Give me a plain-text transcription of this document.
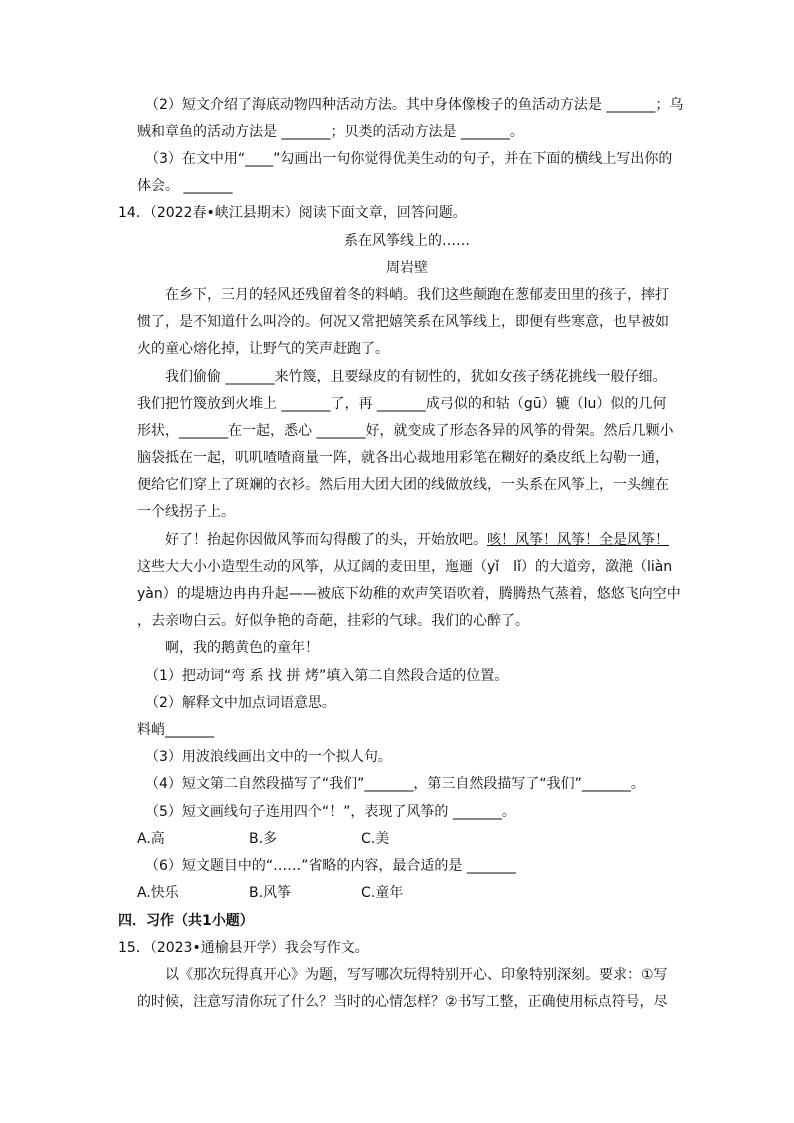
（2）短文介绍了海底动物四种活动方法。其中身体像梭子的鱼活动方法是 _______；乌
贼和章鱼的活动方法是 _______；贝类的活动方法是 _______。
（3）在文中用“____”勾画出一句你觉得优美生动的句子，并在下面的横线上写出你的
体会。 _______
14．（2022春•峡江县期末）阅读下面文章，回答问题。
系在风筝线上的……
周岩壁
在乡下，三月的轻风还残留着冬的料峭。我们这些颠跑在葱郁麦田里的孩子，摔打
惯了，是不知道什么叫冷的。何况又常把嬉笑系在风筝线上，即便有些寒意，也早被如
火的童心熔化掉，让野气的笑声赶跑了。
我们偷偷 _______来竹篾，且要绿皮的有韧性的，犹如女孩子绣花挑线一般仔细。
我们把竹篾放到火堆上 _______了，再 _______成弓似的和轱（gū）辘（lu）似的几何
形状，_______在一起，悉心 _______好，就变成了形态各异的风筝的骨架。然后几颗小
脑袋抵在一起，叽叽喳喳商量一阵，就各出心裁地用彩笔在糊好的桑皮纸上勾勒一通，
便给它们穿上了斑斓的衣衫。然后用大团大团的线做放线，一头系在风筝上，一头缠在
一个线拐子上。
好了！抬起你因做风筝而勾得酸了的头，开始放吧。咳！风筝！风筝！全是风筝！
这些大大小小造型生动的风筝，从辽阔的麦田里，迤逦（yǐ　lǐ）的大道旁，潋滟（liàn
yàn）的堤塘边冉冉升起——被底下幼稚的欢声笑语吹着，腾腾热气蒸着，悠悠飞向空中
，去亲吻白云。好似争艳的奇葩，挂彩的气球。我们的心醉了。
啊，我的鹅黄色的童年！
（1）把动词“弯 系 找 拼 烤”填入第二自然段合适的位置。
（2）解释文中加点词语意思。
料峭_______
（3）用波浪线画出文中的一个拟人句。
（4）短文第二自然段描写了“我们”_______，第三自然段描写了“我们”_______。
（5）短文画线句子连用四个“！”，表现了风筝的 _______。
A.高	B.多	C.美
（6）短文题目中的“……”省略的内容，最合适的是 _______
A.快乐	B.风筝	C.童年
四．习作（共1小题）
15．（2023•通榆县开学）我会写作文。
以《那次玩得真开心》为题，写写哪次玩得特别开心、印象特别深刻。要求：①写
的时候，注意写清你玩了什么？当时的心情怎样？②书写工整，正确使用标点符号，尽
